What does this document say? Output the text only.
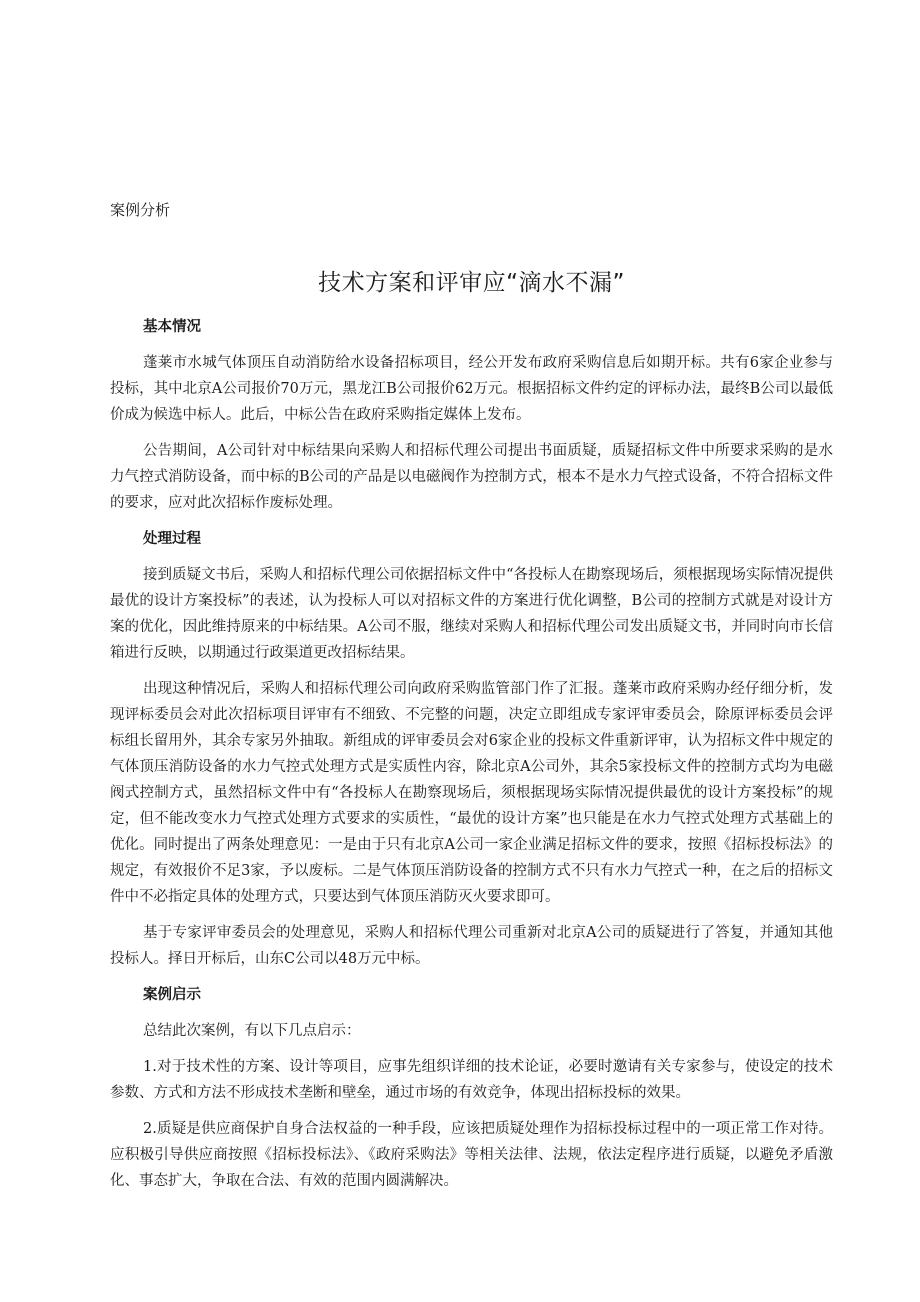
案例分析
技术方案和评审应“滴水不漏”
基本情况

蓬莱市水城气体顶压自动消防给水设备招标项目，经公开发布政府采购信息后如期开标。共有6家企业参与投标，其中北京A公司报价70万元，黑龙江B公司报价62万元。根据招标文件约定的评标办法，最终B公司以最低价成为候选中标人。此后，中标公告在政府采购指定媒体上发布。

公告期间，A公司针对中标结果向采购人和招标代理公司提出书面质疑，质疑招标文件中所要求采购的是水力气控式消防设备，而中标的B公司的产品是以电磁阀作为控制方式，根本不是水力气控式设备，不符合招标文件的要求，应对此次招标作废标处理。

处理过程

接到质疑文书后，采购人和招标代理公司依据招标文件中“各投标人在勘察现场后，须根据现场实际情况提供最优的设计方案投标”的表述，认为投标人可以对招标文件的方案进行优化调整，B公司的控制方式就是对设计方案的优化，因此维持原来的中标结果。A公司不服，继续对采购人和招标代理公司发出质疑文书，并同时向市长信箱进行反映，以期通过行政渠道更改招标结果。

出现这种情况后，采购人和招标代理公司向政府采购监管部门作了汇报。蓬莱市政府采购办经仔细分析，发现评标委员会对此次招标项目评审有不细致、不完整的问题，决定立即组成专家评审委员会，除原评标委员会评标组长留用外，其余专家另外抽取。新组成的评审委员会对6家企业的投标文件重新评审，认为招标文件中规定的气体顶压消防设备的水力气控式处理方式是实质性内容，除北京A公司外，其余5家投标文件的控制方式均为电磁阀式控制方式，虽然招标文件中有“各投标人在勘察现场后，须根据现场实际情况提供最优的设计方案投标”的规定，但不能改变水力气控式处理方式要求的实质性，“最优的设计方案”也只能是在水力气控式处理方式基础上的优化。同时提出了两条处理意见：一是由于只有北京A公司一家企业满足招标文件的要求，按照《招标投标法》的规定，有效报价不足3家，予以废标。二是气体顶压消防设备的控制方式不只有水力气控式一种，在之后的招标文件中不必指定具体的处理方式，只要达到气体顶压消防灭火要求即可。

基于专家评审委员会的处理意见，采购人和招标代理公司重新对北京A公司的质疑进行了答复，并通知其他投标人。择日开标后，山东C公司以48万元中标。

案例启示

总结此次案例，有以下几点启示：

1.对于技术性的方案、设计等项目，应事先组织详细的技术论证，必要时邀请有关专家参与，使设定的技术参数、方式和方法不形成技术垄断和壁垒，通过市场的有效竞争，体现出招标投标的效果。

2.质疑是供应商保护自身合法权益的一种手段，应该把质疑处理作为招标投标过程中的一项正常工作对待。应积极引导供应商按照《招标投标法》、《政府采购法》等相关法律、法规，依法定程序进行质疑，以避免矛盾激化、事态扩大，争取在合法、有效的范围内圆满解决。
